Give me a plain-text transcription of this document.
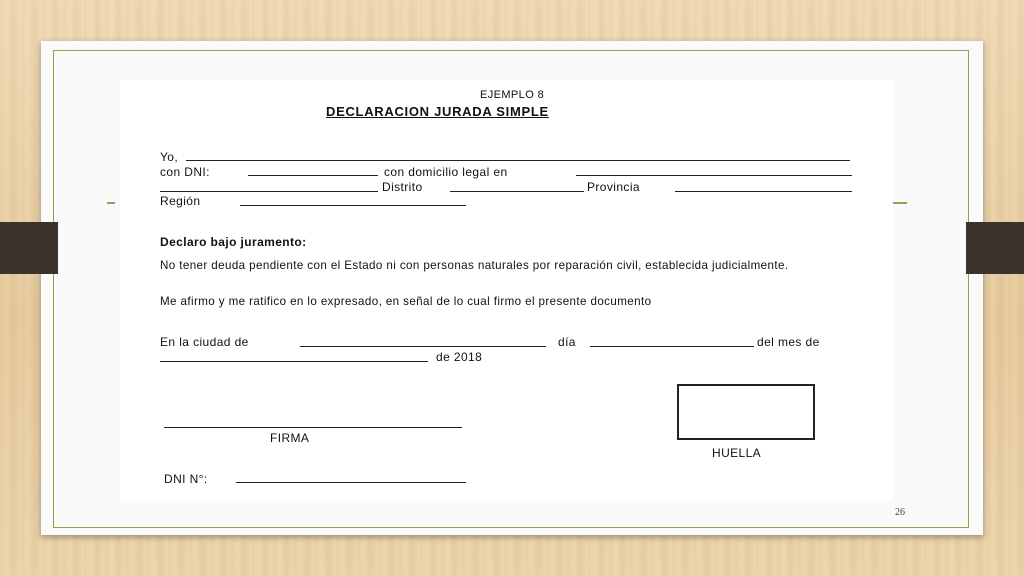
EJEMPLO 8
DECLARACION JURADA SIMPLE
Yo,
con DNI:	con domicilio legal en
Distrito	Provincia
Región
Declaro bajo juramento:
No tener deuda pendiente con el Estado ni con personas naturales por reparación civil, establecida judicialmente.
Me afirmo y me ratifico en lo expresado, en señal de lo cual firmo el presente documento
En la ciudad de	día	del mes de
de 2018
FIRMA
HUELLA
DNI N°:
26
